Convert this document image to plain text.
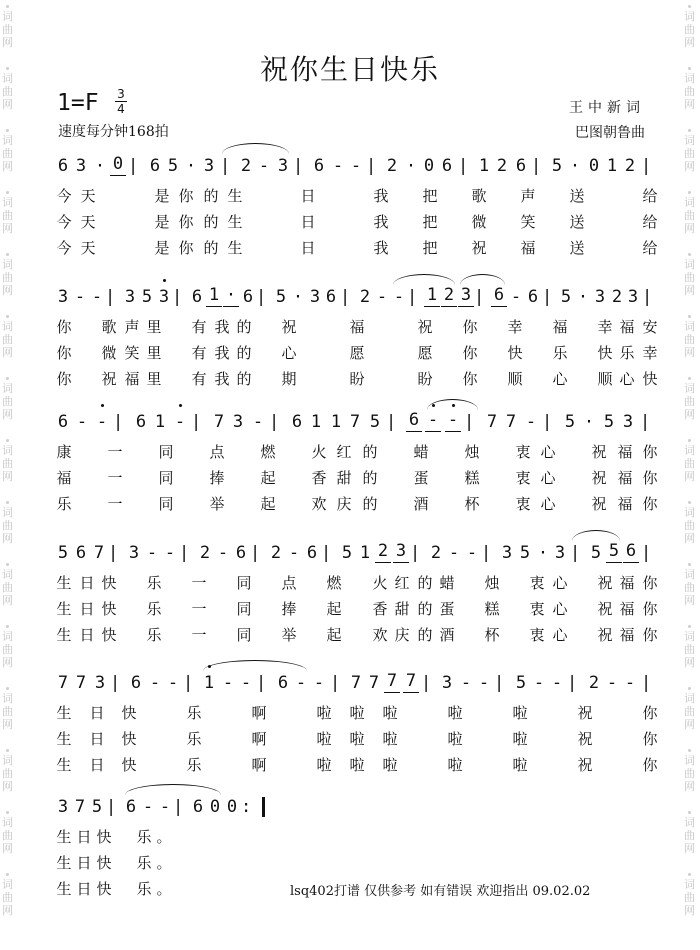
词
曲
网
词
曲
网
词
曲
网
词
曲
网
词
曲
网
词
曲
网
词
曲
网
词
曲
网
词
曲
网
词
曲
网
词
曲
网
词
曲
网
词
曲
网
词
曲
网
词
曲
网
词
曲
网
词
曲
网
词
曲
网
词
曲
网
词
曲
网
词
曲
网
词
曲
网
词
曲
网
词
曲
网
词
曲
网
词
曲
网
词
曲
网
词
曲
网
词
曲
网
词
曲
网
祝你生日快乐
1=F 3
4
速度每分钟168拍
王中新词
巴图朝鲁曲
6 3 · 0 | 6 5 · 3 | 2 - 3 | 6 - - | 2 · 0 6 | 1 2 6 | 5 · 0 1 2 |
今 天	是 你 的 生	日	我 把 歌 声 送	给
今 天	是 你 的 生	日	我 把 微 笑 送	给
今 天	是 你 的 生	日	我 把 祝 福 送	给
3 - - | 3 5 3 | 6 1 · 6 | 5 · 3 6 | 2 - - | 1 2 3 | 6 - 6 | 5 · 3 2 3 |
你 歌 声 里 有 我 的 祝	福	祝 你 幸 福 幸 福 安
你 微 笑 里 有 我 的 心	愿	愿 你 快 乐 快 乐 幸
你 祝 福 里 有 我 的 期	盼	盼 你 顺 心 顺 心 快
6 - - | 6 1 - | 7 3 - | 6 1 1 7 5 | 6 - - | 7 7 - | 5 · 5 3 |
康 一 同 点 燃 火 红 的 蜡 烛 衷 心 祝 福 你
福 一 同 捧 起 香 甜 的 蛋 糕 衷 心 祝 福 你
乐 一 同 举 起 欢 庆 的 酒 杯 衷 心 祝 福 你
5 6 7 | 3 - - | 2 - 6 | 2 - 6 | 5 1 2 3 | 2 - - | 3 5 · 3 | 5 5 6 |
生 日 快 乐 一 同 点 燃 火 红 的 蜡 烛 衷 心 祝 福 你
生 日 快 乐 一 同 捧 起 香 甜 的 蛋 糕 衷 心 祝 福 你
生 日 快 乐 一 同 举 起 欢 庆 的 酒 杯 衷 心 祝 福 你
7 7 3 | 6 - - | 1 - - | 6 - - | 7 7 7 7 | 3 - - | 5 - - | 2 - - |
生 日 快	乐	啊	啦 啦 啦	啦	啦	祝	你
生 日 快	乐	啊	啦 啦 啦	啦	啦	祝	你
生 日 快	乐	啊	啦 啦 啦	啦	啦	祝	你
3 7 5 | 6 - - | 6 0 0 :
生 日 快 乐 。
生 日 快 乐 。
生 日 快 乐 。	lsq402打谱 仅供参考 如有错误 欢迎指出 09.02.02
